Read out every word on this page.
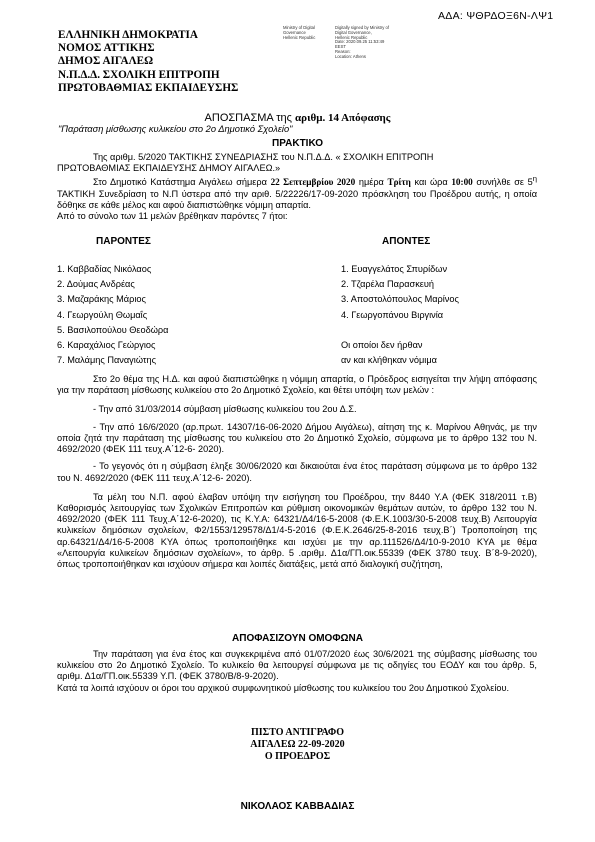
ΑΔΑ: ΨΘΡΔΟΞ6Ν-ΛΨ1
ΕΛΛΗΝΙΚΗ ΔΗΜΟΚΡΑΤΙΑ
ΝΟΜΟΣ ΑΤΤΙΚΗΣ
ΔΗΜΟΣ ΑΙΓΑΛΕΩ
Ν.Π.Δ.Δ. ΣΧΟΛΙΚΗ ΕΠΙΤΡΟΠΗ
ΠΡΩΤΟΒΑΘΜΙΑΣ ΕΚΠΑΙΔΕΥΣΗΣ
Ministry of Digital
Governance
Hellenic Republic
Digitally signed by Ministry of
Digital Governance,
Hellenic Republic
Date: 2020.09.25 11:53:49
EEST
Reason:
Location: Athens
ΑΠΟΣΠΑΣΜΑ της αριθμ. 14 Απόφασης
"Παράταση μίσθωσης κυλικείου στο 2ο Δημοτικό Σχολείο"
ΠΡΑΚΤΙΚΟ

Της αριθμ. 5/2020 ΤΑΚΤΙΚΗΣ ΣΥΝΕΔΡΙΑΣΗΣ του Ν.Π.Δ.Δ. « ΣΧΟΛΙΚΗ ΕΠΙΤΡΟΠΗ

ΠΡΩΤΟΒΑΘΜΙΑΣ ΕΚΠΑΙΔΕΥΣΗΣ ΔΗΜΟΥ ΑΙΓΑΛΕΩ.»

Στο Δημοτικό Κατάστημα Αιγάλεω σήμερα 22 Σεπτεμβρίου 2020 ημέρα Τρίτη και ώρα 10:00 συνήλθε σε $5^\eta$ ΤΑΚΤΙΚΗ Συνεδρίαση το Ν.Π ύστερα από την αριθ. 5/22226/17-09-2020 πρόσκληση του Προέδρου αυτής, η οποία δόθηκε σε κάθε μέλος και αφού διαπιστώθηκε νόμιμη απαρτία.

Από το σύνολο των 11 μελών βρέθηκαν παρόντες 7 ήτοι:

ΠΑΡΟΝΤΕΣ	ΑΠΟΝΤΕΣ
1. Καββαδίας Νικόλαος
2. Δούμας Ανδρέας
3. Μαζαράκης Μάριος
4. Γεωργούλη Θωμαΐς
5. Βασιλοπούλου Θεοδώρα
6. Καραχάλιος Γεώργιος
7. Μαλάμης Παναγιώτης
1. Ευαγγελάτος Σπυρίδων
2. Τζαρέλα Παρασκευή
3. Αποστολόπουλος Μαρίνος
4. Γεωργοπάνου Βιργινία
Οι οποίοι δεν ήρθαν
αν και κλήθηκαν νόμιμα

Στο 2ο θέμα της Η.Δ. και αφού διαπιστώθηκε η νόμιμη απαρτία, ο Πρόεδρος εισηγείται την λήψη απόφασης για την παράταση μίσθωσης κυλικείου στο 2ο Δημοτικό Σχολείο, και θέτει υπόψη των μελών :

- Την από 31/03/2014 σύμβαση μίσθωσης κυλικείου του 2ου Δ.Σ.

- Την από 16/6/2020 (αρ.πρωτ. 14307/16-06-2020 Δήμου Αιγάλεω), αίτηση της κ. Μαρίνου Αθηνάς, με την οποία ζητά την παράταση της μίσθωσης του κυλικείου στο 2ο Δημοτικό Σχολείο, σύμφωνα με το άρθρο 132 του Ν. 4692/2020 (ΦΕΚ 111 τευχ.Α΄12-6- 2020).

- Το γεγονός ότι η σύμβαση έληξε 30/06/2020 και δικαιούται ένα έτος παράταση σύμφωνα με το άρθρο 132 του Ν. 4692/2020 (ΦΕΚ 111 τευχ.Α΄12-6- 2020).

Τα μέλη του Ν.Π. αφού έλαβαν υπόψη την εισήγηση του Προέδρου, την 8440 Υ.Α (ΦΕΚ 318/2011 τ.Β) Καθορισμός λειτουργίας των Σχολικών Επιτροπών και ρύθμιση οικονομικών θεμάτων αυτών, το άρθρο 132 του Ν. 4692/2020 (ΦΕΚ 111 Τευχ.Α΄12-6-2020), τις Κ.Υ.Α: 64321/Δ4/16-5-2008 (Φ.Ε.Κ.1003/30-5-2008 τευχ.Β) Λειτουργία κυλικείων δημόσιων σχολείων, Φ2/1553/129578/Δ1/4-5-2016 (Φ.Ε.Κ.2646/25-8-2016 τευχ.Β΄) Τροποποίηση της αρ.64321/Δ4/16-5-2008 ΚΥΑ όπως τροποποιήθηκε και ισχύει με την αρ.111526/Δ4/10-9-2010 ΚΥΑ με θέμα «Λειτουργία κυλικείων δημόσιων σχολείων», το άρθρ. 5 .αριθμ. Δ1α/ΓΠ.οικ.55339 (ΦΕΚ 3780 τευχ. Β΄8-9-2020), όπως τροποποιήθηκαν και ισχύουν σήμερα και λοιπές διατάξεις, μετά από διαλογική συζήτηση,

ΑΠΟΦΑΣΙΖΟΥΝ ΟΜΟΦΩΝΑ

Την παράταση για ένα έτος και συγκεκριμένα από 01/07/2020 έως 30/6/2021 της σύμβασης μίσθωσης του κυλικείου στο 2ο Δημοτικό Σχολείο. Το κυλικείο θα λειτουργεί σύμφωνα με τις οδηγίες του ΕΟΔΥ και του άρθρ. 5, αριθμ. Δ1α/ΓΠ.οικ.55339 Υ.Π. (ΦΕΚ 3780/Β/8-9-2020).

Κατά τα λοιπά ισχύουν οι όροι του αρχικού συμφωνητικού μίσθωσης του κυλικείου του 2ου Δημοτικού Σχολείου.

ΠΙΣΤΟ ΑΝΤΙΓΡΑΦΟ
ΑΙΓΑΛΕΩ 22-09-2020
Ο ΠΡΟΕΔΡΟΣ
ΝΙΚΟΛΑΟΣ ΚΑΒΒΑΔΙΑΣ
